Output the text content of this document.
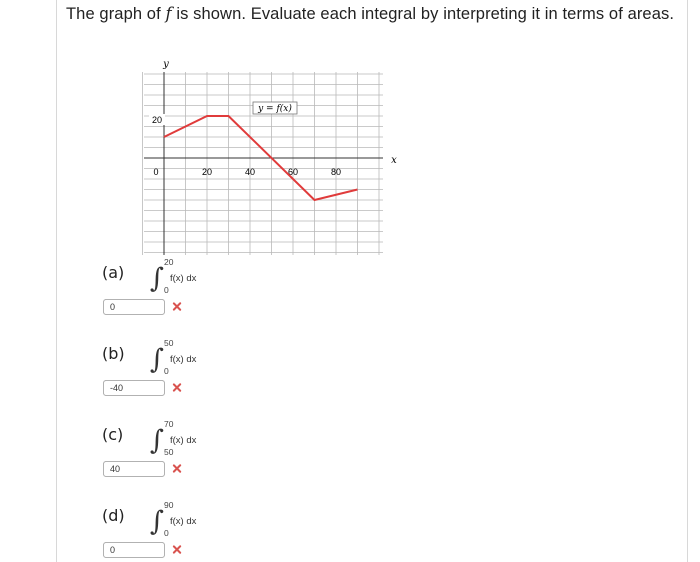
The graph of f is shown. Evaluate each integral by interpreting it in terms of areas.
y
x
y = f(x)
20
0	20	40	60	80
(a) ∫
20
0
f(x) dx
0
(b) ∫
50
0
f(x) dx
-40
(c) ∫
70
50
f(x) dx
40
(d) ∫
90
0
f(x) dx
0
